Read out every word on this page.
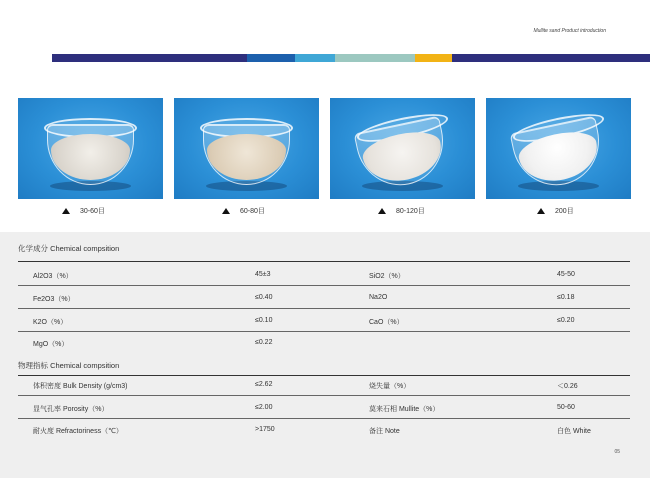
Mullite sand Product introduction
30-60目	60-80目	80-120目	200目
化学成分 Chemical compsition
Al2O3（%）	45±3	SiO2（%）	45-50
Fe2O3（%）	≤0.40	Na2O	≤0.18
K2O（%）	≤0.10	CaO（%）	≤0.20
MgO（%）	≤0.22
物理指标 Chemical compsition
体积密度 Bulk Density (g/cm3)	≤2.62	烧失量（%）	＜0.26
显气孔率 Porosity（%）	≤2.00	莫来石相 Mullite（%）	50-60
耐火度 Refractoriness（℃）	>1750	备注 Note	白色 White
05
